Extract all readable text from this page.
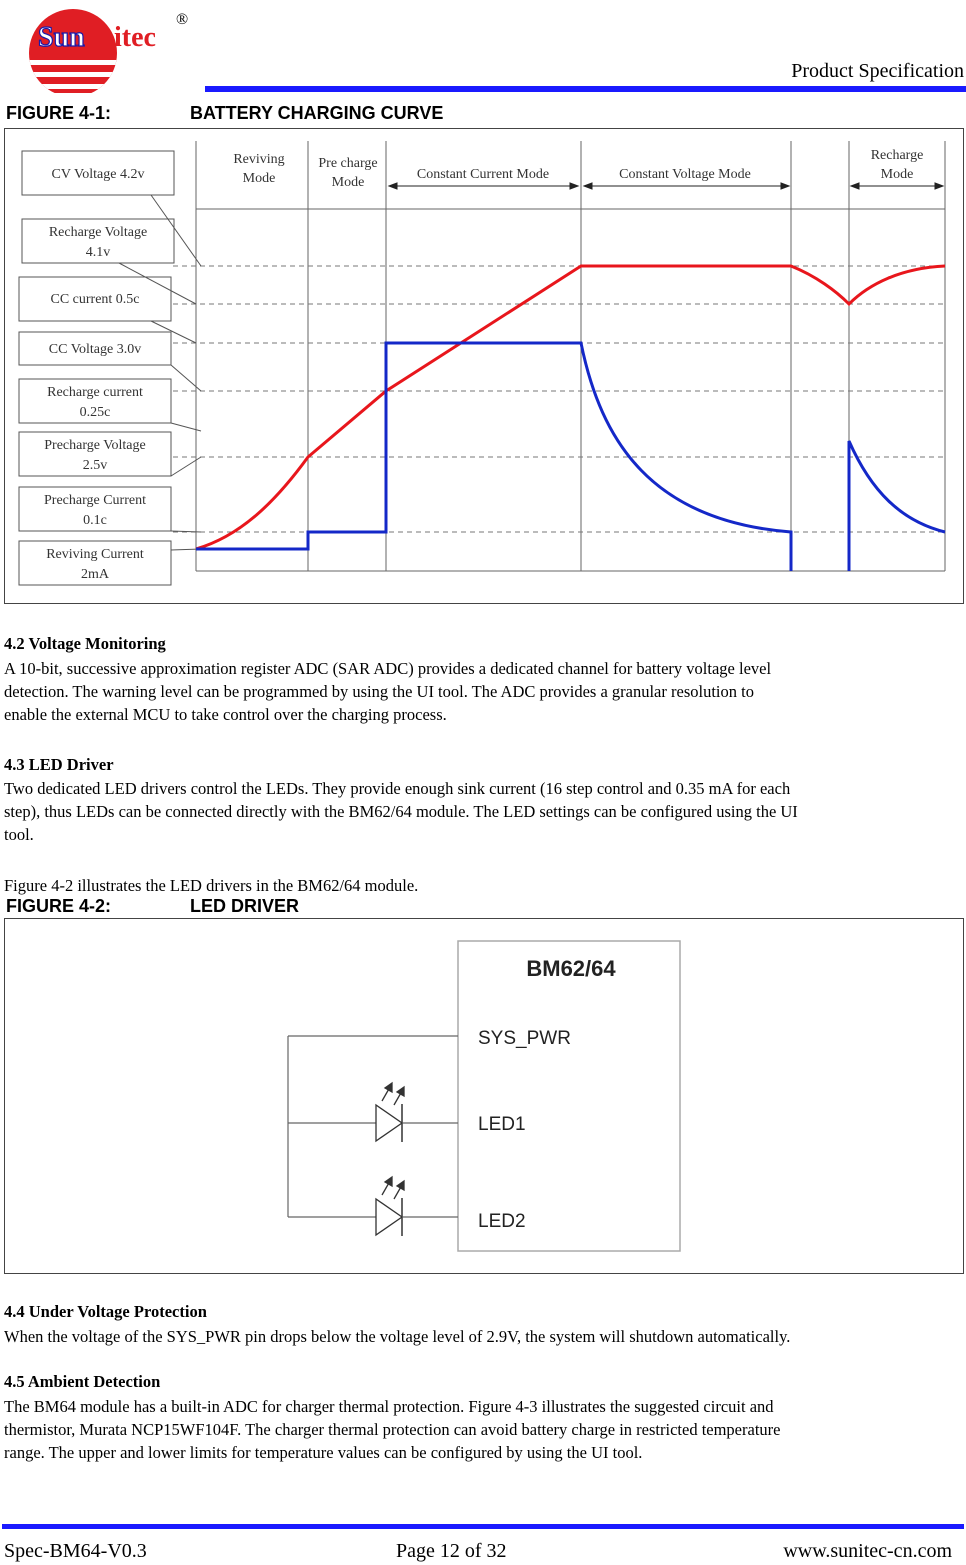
Sun itec
®
Product Specification
FIGURE 4-1:	BATTERY CHARGING CURVE
Reviving
Mode
Pre charge
Mode
Constant Current Mode	Constant Voltage Mode
Recharge
Mode
CV Voltage 4.2v
Recharge Voltage
4.1v
CC current 0.5c
CC Voltage 3.0v
Recharge current
0.25c
Precharge Voltage
2.5v
Precharge Current
0.1c
Reviving Current
2mA
4.2 Voltage Monitoring
A 10-bit, successive approximation register ADC (SAR ADC) provides a dedicated channel for battery voltage level
detection. The warning level can be programmed by using the UI tool. The ADC provides a granular resolution to
enable the external MCU to take control over the charging process.
4.3 LED Driver
Two dedicated LED drivers control the LEDs. They provide enough sink current (16 step control and 0.35 mA for each
step), thus LEDs can be connected directly with the BM62/64 module. The LED settings can be configured using the UI
tool.
Figure 4-2 illustrates the LED drivers in the BM62/64 module.
FIGURE 4-2:	LED DRIVER
BM62/64
SYS_PWR
LED1
LED2
4.4 Under Voltage Protection
When the voltage of the SYS_PWR pin drops below the voltage level of 2.9V, the system will shutdown automatically.
4.5 Ambient Detection
The BM64 module has a built-in ADC for charger thermal protection. Figure 4-3 illustrates the suggested circuit and
thermistor, Murata NCP15WF104F. The charger thermal protection can avoid battery charge in restricted temperature
range. The upper and lower limits for temperature values can be configured by using the UI tool.
Spec-BM64-V0.3	Page 12 of 32	www.sunitec-cn.com
